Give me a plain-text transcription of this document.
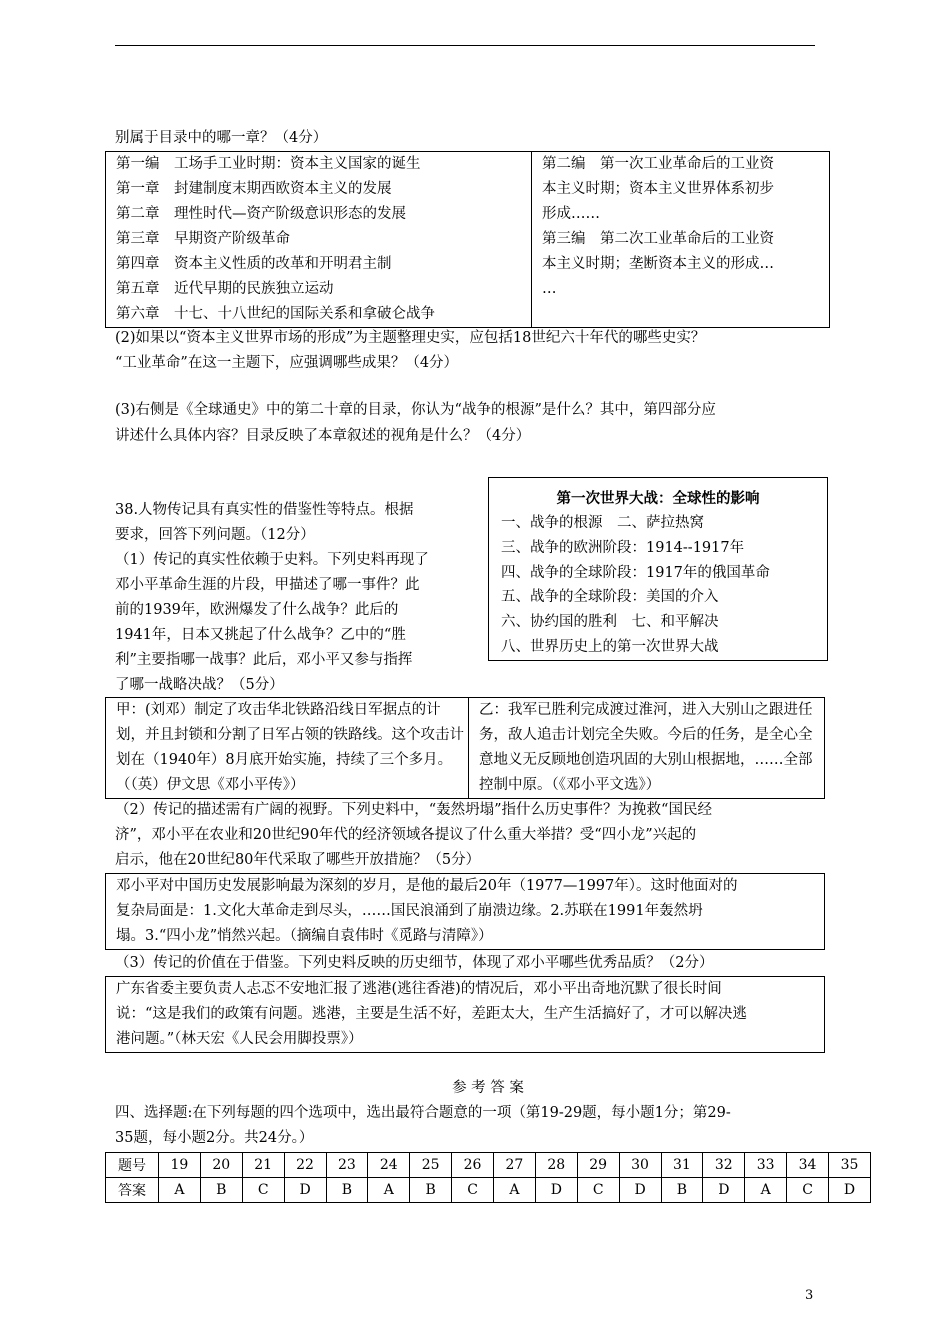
别属于目录中的哪一章？（4分）
第一编　工场手工业时期：资本主义国家的诞生
第一章　封建制度末期西欧资本主义的发展
第二章　理性时代—资产阶级意识形态的发展
第三章　早期资产阶级革命
第四章　资本主义性质的改革和开明君主制
第五章　近代早期的民族独立运动
第六章　十七、十八世纪的国际关系和拿破仑战争

第二编　第一次工业革命后的工业资
本主义时期；资本主义世界体系初步
形成……
第三编　第二次工业革命后的工业资
本主义时期；垄断资本主义的形成…
…
(2)如果以“资本主义世界市场的形成”为主题整理史实，应包括18世纪六十年代的哪些史实？
“工业革命”在这一主题下，应强调哪些成果？（4分）
(3)右侧是《全球通史》中的第二十章的目录，你认为“战争的根源”是什么？其中，第四部分应
讲述什么具体内容？目录反映了本章叙述的视角是什么？（4分）
第一次世界大战：全球性的影响
一、战争的根源　二、萨拉热窝
三、战争的欧洲阶段：1914--1917年
四、战争的全球阶段：1917年的俄国革命
五、战争的全球阶段：美国的介入
六、协约国的胜利　七、和平解决
八、世界历史上的第一次世界大战
38.人物传记具有真实性的借鉴性等特点。根据
要求，回答下列问题。（12分）
（1）传记的真实性依赖于史料。下列史料再现了
邓小平革命生涯的片段，甲描述了哪一事件？此
前的1939年，欧洲爆发了什么战争？此后的
1941年，日本又挑起了什么战争？乙中的“胜
利”主要指哪一战事？此后，邓小平又参与指挥
了哪一战略决战？（5分）
甲：(刘邓）制定了攻击华北铁路沿线日军据点的计划，并且封锁和分割了日军占领的铁路线。这个攻击计划在（1940年）8月底开始实施，持续了三个多月。（（英）伊文思《邓小平传》）	乙：我军已胜利完成渡过淮河，进入大别山之跟进任务，敌人追击计划完全失败。今后的任务，是全心全意地义无反顾地创造巩固的大别山根据地，……全部控制中原。（《邓小平文选》）
（2）传记的描述需有广阔的视野。下列史料中，“轰然坍塌”指什么历史事件？为挽救“国民经
济”，邓小平在农业和20世纪90年代的经济领域各提议了什么重大举措？受“四小龙”兴起的
启示，他在20世纪80年代采取了哪些开放措施？（5分）
邓小平对中国历史发展影响最为深刻的岁月，是他的最后20年（1977—1997年）。这时他面对的
复杂局面是：1.文化大革命走到尽头，……国民浪涌到了崩溃边缘。2.苏联在1991年轰然坍
塌。3.“四小龙”悄然兴起。（摘编自袁伟时《觅路与清障》）
（3）传记的价值在于借鉴。下列史料反映的历史细节，体现了邓小平哪些优秀品质？（2分）
广东省委主要负责人忐忑不安地汇报了逃港(逃往香港)的情况后，邓小平出奇地沉默了很长时间
说：“这是我们的政策有问题。逃港，主要是生活不好，差距太大，生产生活搞好了，才可以解决逃
港问题。”（林天宏《人民会用脚投票》）
参 考 答 案
四、选择题:在下列每题的四个选项中，选出最符合题意的一项（第19-29题，每小题1分；第29-
35题，每小题2分。共24分。）
题号	19	20	21	22	23	24	25	26	27	28	29	30	31	32	33	34	35
答案	A	B	C	D	B	A	B	C	A	D	C	D	B	D	A	C	D
3
